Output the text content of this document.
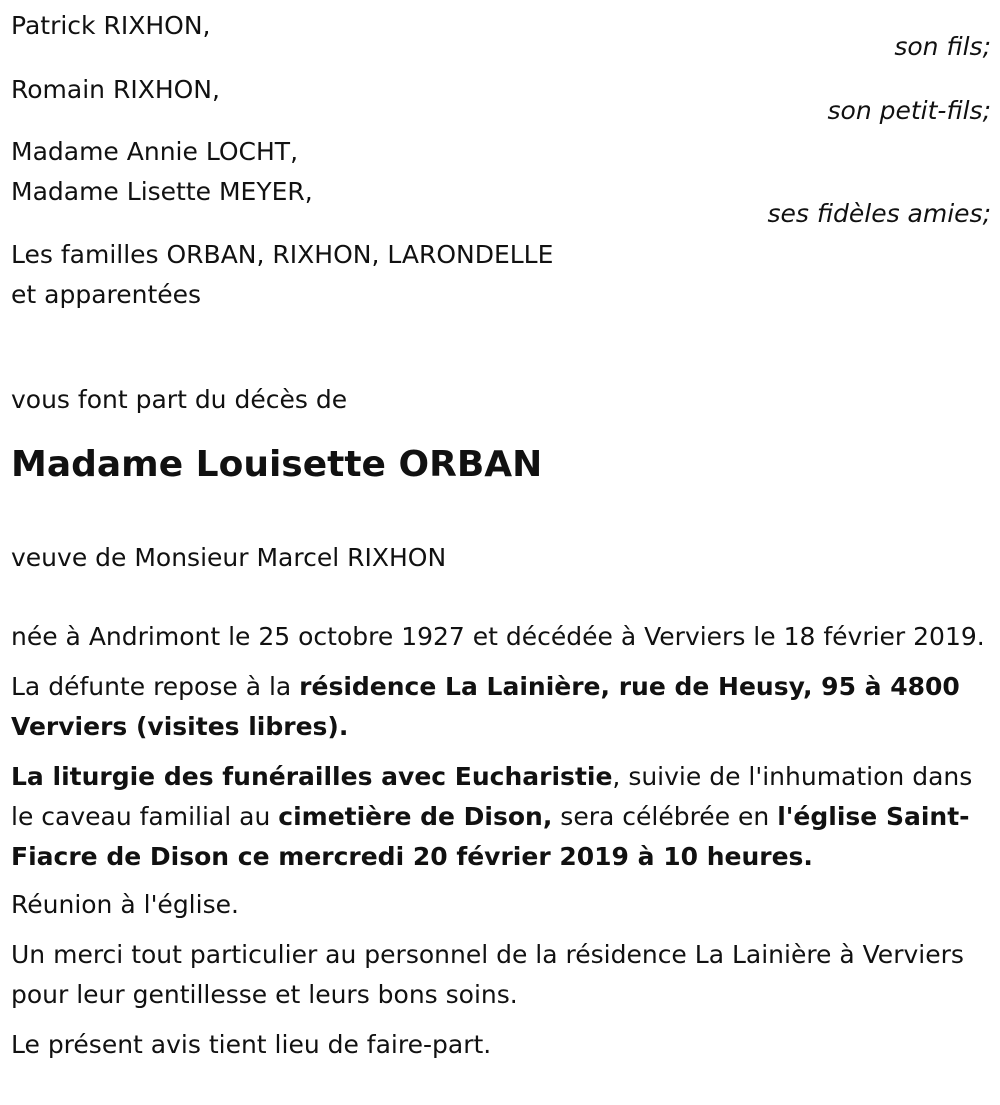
Patrick RIXHON,
son fils;
Romain RIXHON,
son petit-fils;
Madame Annie LOCHT,
Madame Lisette MEYER,
ses fidèles amies;
Les familles ORBAN, RIXHON, LARONDELLE
et apparentées

vous font part du décès de

Madame Louisette ORBAN

veuve de Monsieur Marcel RIXHON

née à Andrimont le 25 octobre 1927 et décédée à Verviers le 18 février 2019.

La défunte repose à la résidence La Lainière, rue de Heusy, 95 à 4800 Verviers (visites libres).

La liturgie des funérailles avec Eucharistie, suivie de l'inhumation dans le caveau familial au cimetière de Dison, sera célébrée en l'église Saint-Fiacre de Dison ce mercredi 20 février 2019 à 10 heures.

Réunion à l'église.

Un merci tout particulier au personnel de la résidence La Lainière à Verviers pour leur gentillesse et leurs bons soins.

Le présent avis tient lieu de faire-part.
